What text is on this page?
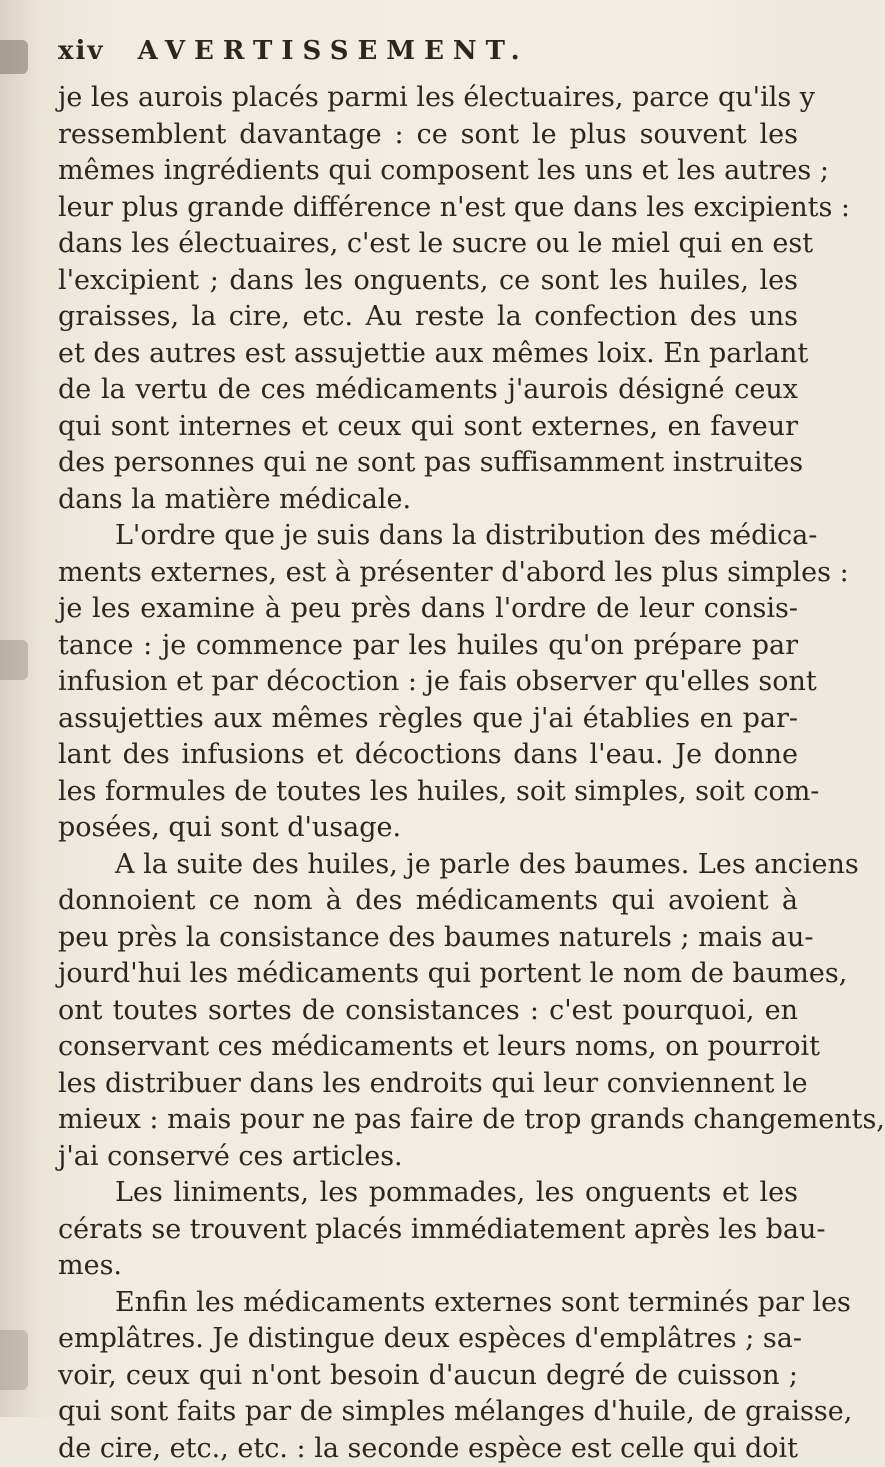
xiv AVERTISSEMENT.
je les aurois placés parmi les électuaires, parce qu'ils y
ressemblent davantage : ce sont le plus souvent les
mêmes ingrédients qui composent les uns et les autres ;
leur plus grande différence n'est que dans les excipients :
dans les électuaires, c'est le sucre ou le miel qui en est
l'excipient ; dans les onguents, ce sont les huiles, les
graisses, la cire, etc. Au reste la confection des uns
et des autres est assujettie aux mêmes loix. En parlant
de la vertu de ces médicaments j'aurois désigné ceux
qui sont internes et ceux qui sont externes, en faveur
des personnes qui ne sont pas suffisamment instruites
dans la matière médicale.
L'ordre que je suis dans la distribution des médica-
ments externes, est à présenter d'abord les plus simples :
je les examine à peu près dans l'ordre de leur consis-
tance : je commence par les huiles qu'on prépare par
infusion et par décoction : je fais observer qu'elles sont
assujetties aux mêmes règles que j'ai établies en par-
lant des infusions et décoctions dans l'eau. Je donne
les formules de toutes les huiles, soit simples, soit com-
posées, qui sont d'usage.
A la suite des huiles, je parle des baumes. Les anciens
donnoient ce nom à des médicaments qui avoient à
peu près la consistance des baumes naturels ; mais au-
jourd'hui les médicaments qui portent le nom de baumes,
ont toutes sortes de consistances : c'est pourquoi, en
conservant ces médicaments et leurs noms, on pourroit
les distribuer dans les endroits qui leur conviennent le
mieux : mais pour ne pas faire de trop grands changements,
j'ai conservé ces articles.
Les liniments, les pommades, les onguents et les
cérats se trouvent placés immédiatement après les bau-
mes.
Enfin les médicaments externes sont terminés par les
emplâtres. Je distingue deux espèces d'emplâtres ; sa-
voir, ceux qui n'ont besoin d'aucun degré de cuisson ;
qui sont faits par de simples mélanges d'huile, de graisse,
de cire, etc., etc. : la seconde espèce est celle qui doit
